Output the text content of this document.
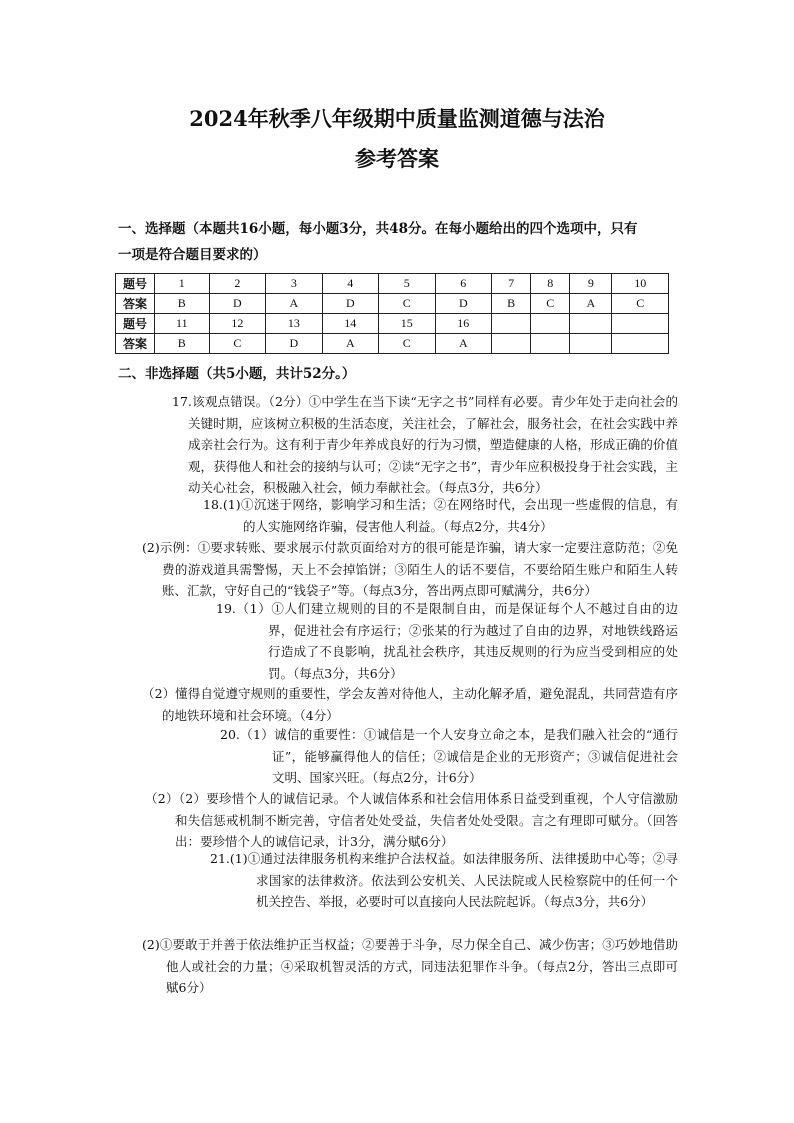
2024年秋季八年级期中质量监测道德与法治
参考答案

一、选择题（本题共16小题，每小题3分，共48分。在每小题给出的四个选项中，只有

一项是符合题目要求的）

题号	1	2	3	4	5	6	7	8	9	10
答案	B	D	A	D	C	D	B	C	A	C
题号	11	12	13	14	15	16				
答案	B	C	D	A	C	A				

二、非选择题（共5小题，共计52分。）

17.该观点错误。（2分）①中学生在当下读“无字之书”同样有必要。青少年处于走向社会的关键时期，应该树立积极的生活态度，关注社会，了解社会，服务社会，在社会实践中养成亲社会行为。这有利于青少年养成良好的行为习惯，塑造健康的人格，形成正确的价值观，获得他人和社会的接纳与认可；②读“无字之书”，青少年应积极投身于社会实践，主动关心社会，积极融入社会，倾力奉献社会。（每点3分，共6分）

18.(1)①沉迷于网络，影响学习和生活；②在网络时代，会出现一些虚假的信息，有的人实施网络诈骗，侵害他人利益。（每点2分，共4分）

(2)示例：①要求转账、要求展示付款页面给对方的很可能是诈骗，请大家一定要注意防范；②免费的游戏道具需警惕，天上不会掉馅饼；③陌生人的话不要信，不要给陌生账户和陌生人转账、汇款，守好自己的“钱袋子”等。（每点3分，答出两点即可赋满分，共6分）

19.（1）①人们建立规则的目的不是限制自由，而是保证每个人不越过自由的边界，促进社会有序运行；②张某的行为越过了自由的边界，对地铁线路运行造成了不良影响，扰乱社会秩序，其违反规则的行为应当受到相应的处罚。（每点3分，共6分）

（2）懂得自觉遵守规则的重要性，学会友善对待他人，主动化解矛盾，避免混乱，共同营造有序的地铁环境和社会环境。（4分）

20.（1）诚信的重要性：①诚信是一个人安身立命之本，是我们融入社会的“通行证”，能够赢得他人的信任；②诚信是企业的无形资产；③诚信促进社会文明、国家兴旺。（每点2分，计6分）

（2）（2）要珍惜个人的诚信记录。个人诚信体系和社会信用体系日益受到重视，个人守信激励和失信惩戒机制不断完善，守信者处处受益，失信者处处受限。言之有理即可赋分。（回答出：要珍惜个人的诚信记录，计3分，满分赋6分）

21.(1)①通过法律服务机构来维护合法权益。如法律服务所、法律援助中心等；②寻求国家的法律救济。依法到公安机关、人民法院或人民检察院中的任何一个机关控告、举报，必要时可以直接向人民法院起诉。（每点3分，共6分）

(2)①要敢于并善于依法维护正当权益；②要善于斗争，尽力保全自己、减少伤害；③巧妙地借助他人或社会的力量；④采取机智灵活的方式，同违法犯罪作斗争。（每点2分，答出三点即可赋6分）
